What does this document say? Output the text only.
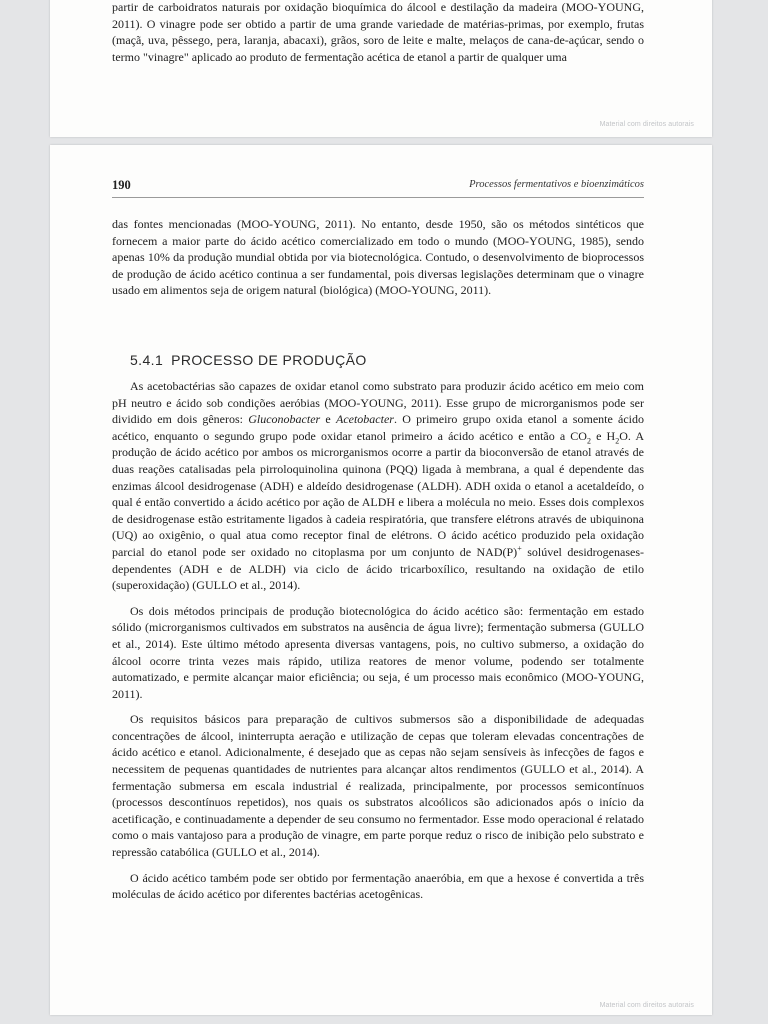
partir de carboidratos naturais por oxidação bioquímica do álcool e destilação da madeira (MOO-YOUNG, 2011). O vinagre pode ser obtido a partir de uma grande variedade de matérias-primas, por exemplo, frutas (maçã, uva, pêssego, pera, laranja, abacaxi), grãos, soro de leite e malte, melaços de cana-de-açúcar, sendo o termo "vinagre" aplicado ao produto de fermentação acética de etanol a partir de qualquer uma

Material com direitos autorais
190	Processos fermentativos e bioenzimáticos

das fontes mencionadas (MOO-YOUNG, 2011). No entanto, desde 1950, são os métodos sintéticos que fornecem a maior parte do ácido acético comercializado em todo o mundo (MOO-YOUNG, 1985), sendo apenas 10% da produção mundial obtida por via biotecnológica. Contudo, o desenvolvimento de bioprocessos de produção de ácido acético continua a ser fundamental, pois diversas legislações determinam que o vinagre usado em alimentos seja de origem natural (biológica) (MOO-YOUNG, 2011).

5.4.1 PROCESSO DE PRODUÇÃO

As acetobactérias são capazes de oxidar etanol como substrato para produzir ácido acético em meio com pH neutro e ácido sob condições aeróbias (MOO-YOUNG, 2011). Esse grupo de microrganismos pode ser dividido em dois gêneros: Gluconobacter e Acetobacter. O primeiro grupo oxida etanol a somente ácido acético, enquanto o segundo grupo pode oxidar etanol primeiro a ácido acético e então a $CO_2$ e $H_2O$. A produção de ácido acético por ambos os microrganismos ocorre a partir da bioconversão de etanol através de duas reações catalisadas pela pirroloquinolina quinona (PQQ) ligada à membrana, a qual é dependente das enzimas álcool desidrogenase (ADH) e aldeído desidrogenase (ALDH). ADH oxida o etanol a acetaldeído, o qual é então convertido a ácido acético por ação de ALDH e libera a molécula no meio. Esses dois complexos de desidrogenase estão estritamente ligados à cadeia respiratória, que transfere elétrons através de ubiquinona (UQ) ao oxigênio, o qual atua como receptor final de elétrons. O ácido acético produzido pela oxidação parcial do etanol pode ser oxidado no citoplasma por um conjunto de NAD(P)+ solúvel desidrogenases-dependentes (ADH e de ALDH) via ciclo de ácido tricarboxílico, resultando na oxidação de etilo (superoxidação) (GULLO et al., 2014).

Os dois métodos principais de produção biotecnológica do ácido acético são: fermentação em estado sólido (microrganismos cultivados em substratos na ausência de água livre); fermentação submersa (GULLO et al., 2014). Este último método apresenta diversas vantagens, pois, no cultivo submerso, a oxidação do álcool ocorre trinta vezes mais rápido, utiliza reatores de menor volume, podendo ser totalmente automatizado, e permite alcançar maior eficiência; ou seja, é um processo mais econômico (MOO-YOUNG, 2011).

Os requisitos básicos para preparação de cultivos submersos são a disponibilidade de adequadas concentrações de álcool, ininterrupta aeração e utilização de cepas que toleram elevadas concentrações de ácido acético e etanol. Adicionalmente, é desejado que as cepas não sejam sensíveis às infecções de fagos e necessitem de pequenas quantidades de nutrientes para alcançar altos rendimentos (GULLO et al., 2014). A fermentação submersa em escala industrial é realizada, principalmente, por processos semicontínuos (processos descontínuos repetidos), nos quais os substratos alcoólicos são adicionados após o início da acetificação, e continuadamente a depender de seu consumo no fermentador. Esse modo operacional é relatado como o mais vantajoso para a produção de vinagre, em parte porque reduz o risco de inibição pelo substrato e repressão catabólica (GULLO et al., 2014).

O ácido acético também pode ser obtido por fermentação anaeróbia, em que a hexose é convertida a três moléculas de ácido acético por diferentes bactérias acetogênicas.

Material com direitos autorais
